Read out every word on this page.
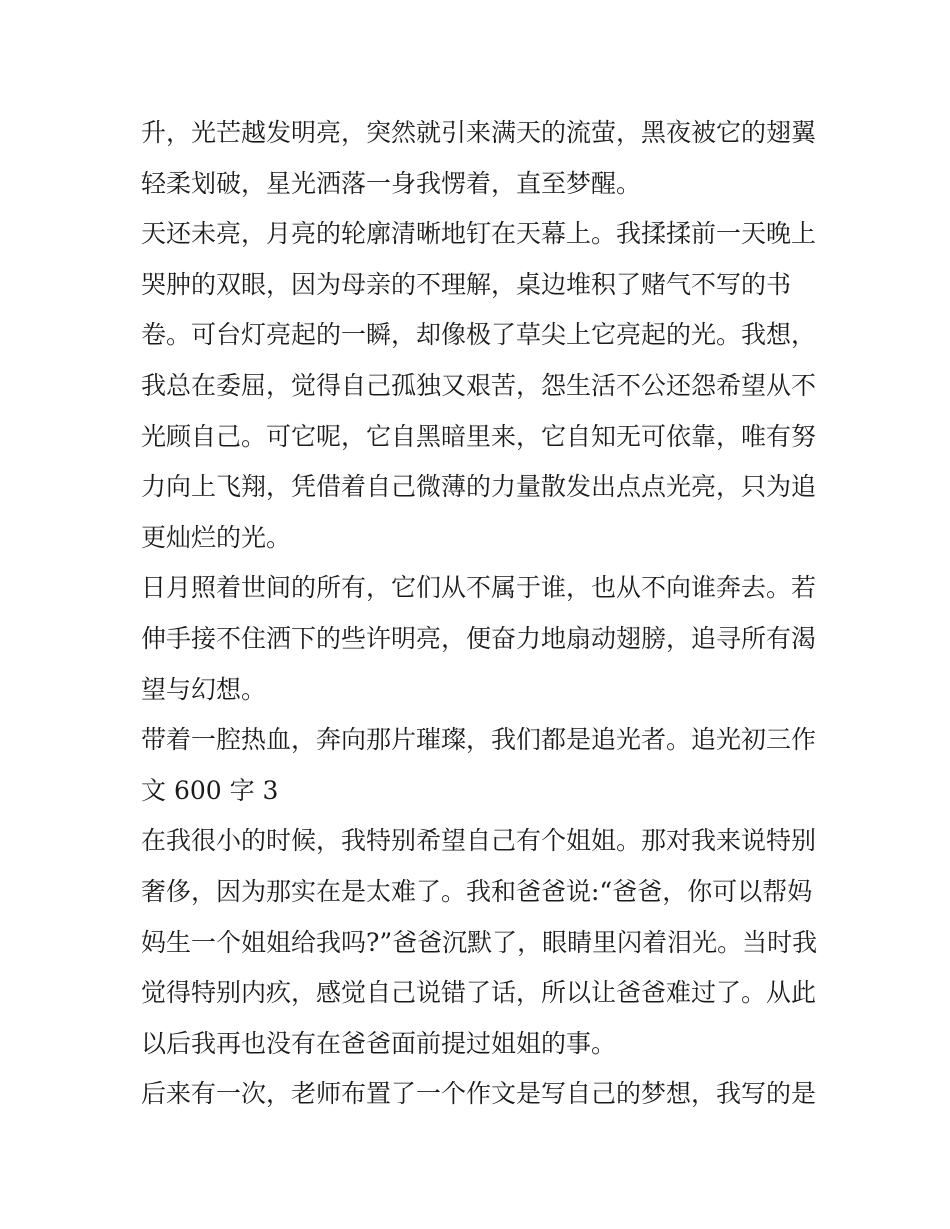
升，光芒越发明亮，突然就引来满天的流萤，黑夜被它的翅翼
轻柔划破，星光洒落一身我愣着，直至梦醒。
天还未亮，月亮的轮廓清晰地钉在天幕上。我揉揉前一天晚上
哭肿的双眼，因为母亲的不理解，桌边堆积了赌气不写的书
卷。可台灯亮起的一瞬，却像极了草尖上它亮起的光。我想，
我总在委屈，觉得自己孤独又艰苦，怨生活不公还怨希望从不
光顾自己。可它呢，它自黑暗里来，它自知无可依靠，唯有努
力向上飞翔，凭借着自己微薄的力量散发出点点光亮，只为追
更灿烂的光。
日月照着世间的所有，它们从不属于谁，也从不向谁奔去。若
伸手接不住洒下的些许明亮，便奋力地扇动翅膀，追寻所有渴
望与幻想。
带着一腔热血，奔向那片璀璨，我们都是追光者。追光初三作
文 600 字 3
在我很小的时候，我特别希望自己有个姐姐。那对我来说特别
奢侈，因为那实在是太难了。我和爸爸说:“爸爸，你可以帮妈
妈生一个姐姐给我吗?”爸爸沉默了，眼睛里闪着泪光。当时我
觉得特别内疚，感觉自己说错了话，所以让爸爸难过了。从此
以后我再也没有在爸爸面前提过姐姐的事。
后来有一次，老师布置了一个作文是写自己的梦想，我写的是
